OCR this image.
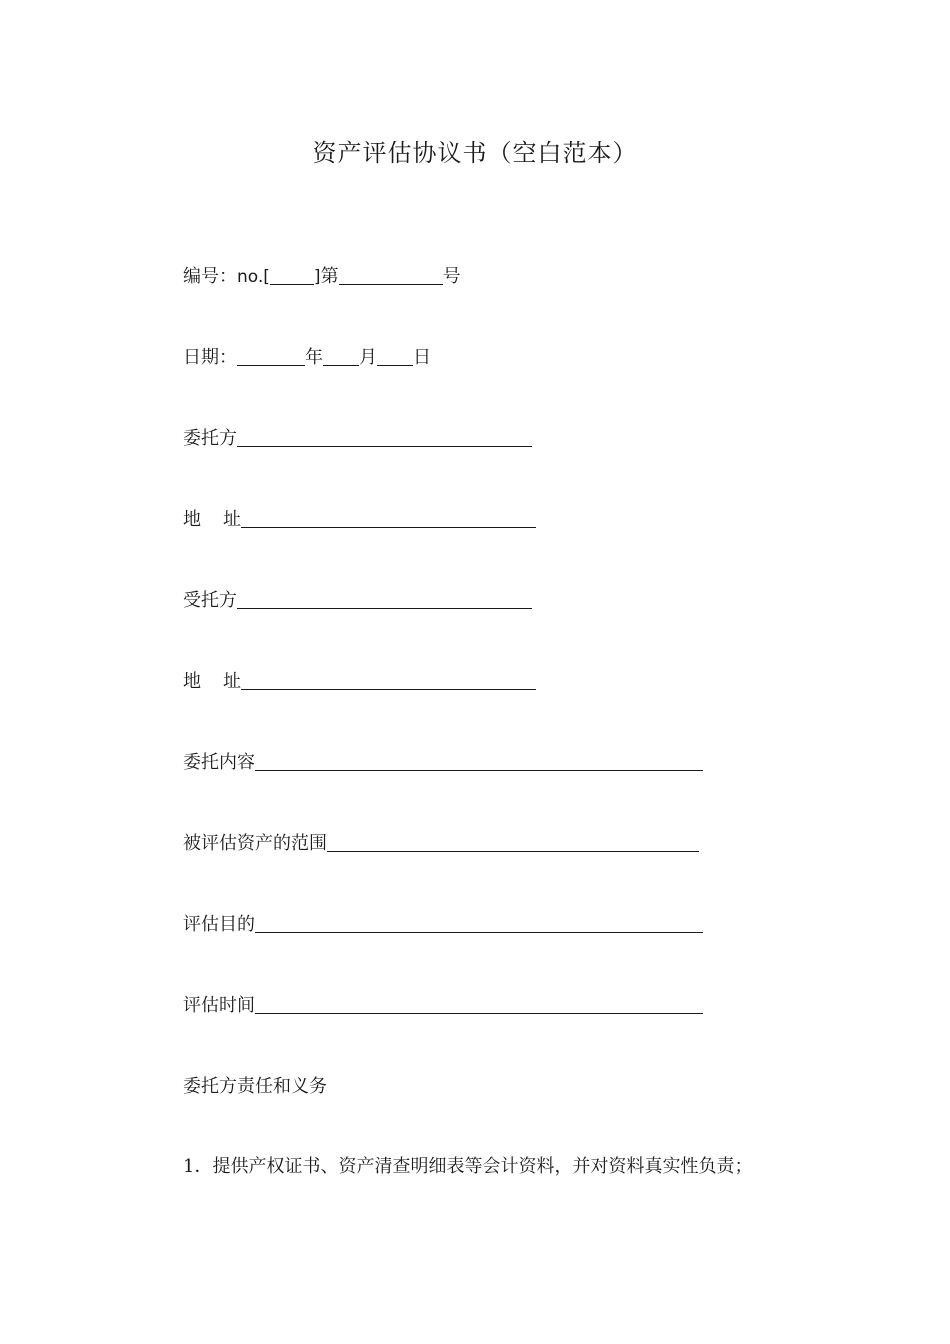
资产评估协议书（空白范本）
编号：no.[	]第	号
日期：	年 月 日
委托方
地 址
受托方
地 址
委托内容
被评估资产的范围
评估目的
评估时间
委托方责任和义务
1．提供产权证书、资产清查明细表等会计资料，并对资料真实性负责；
